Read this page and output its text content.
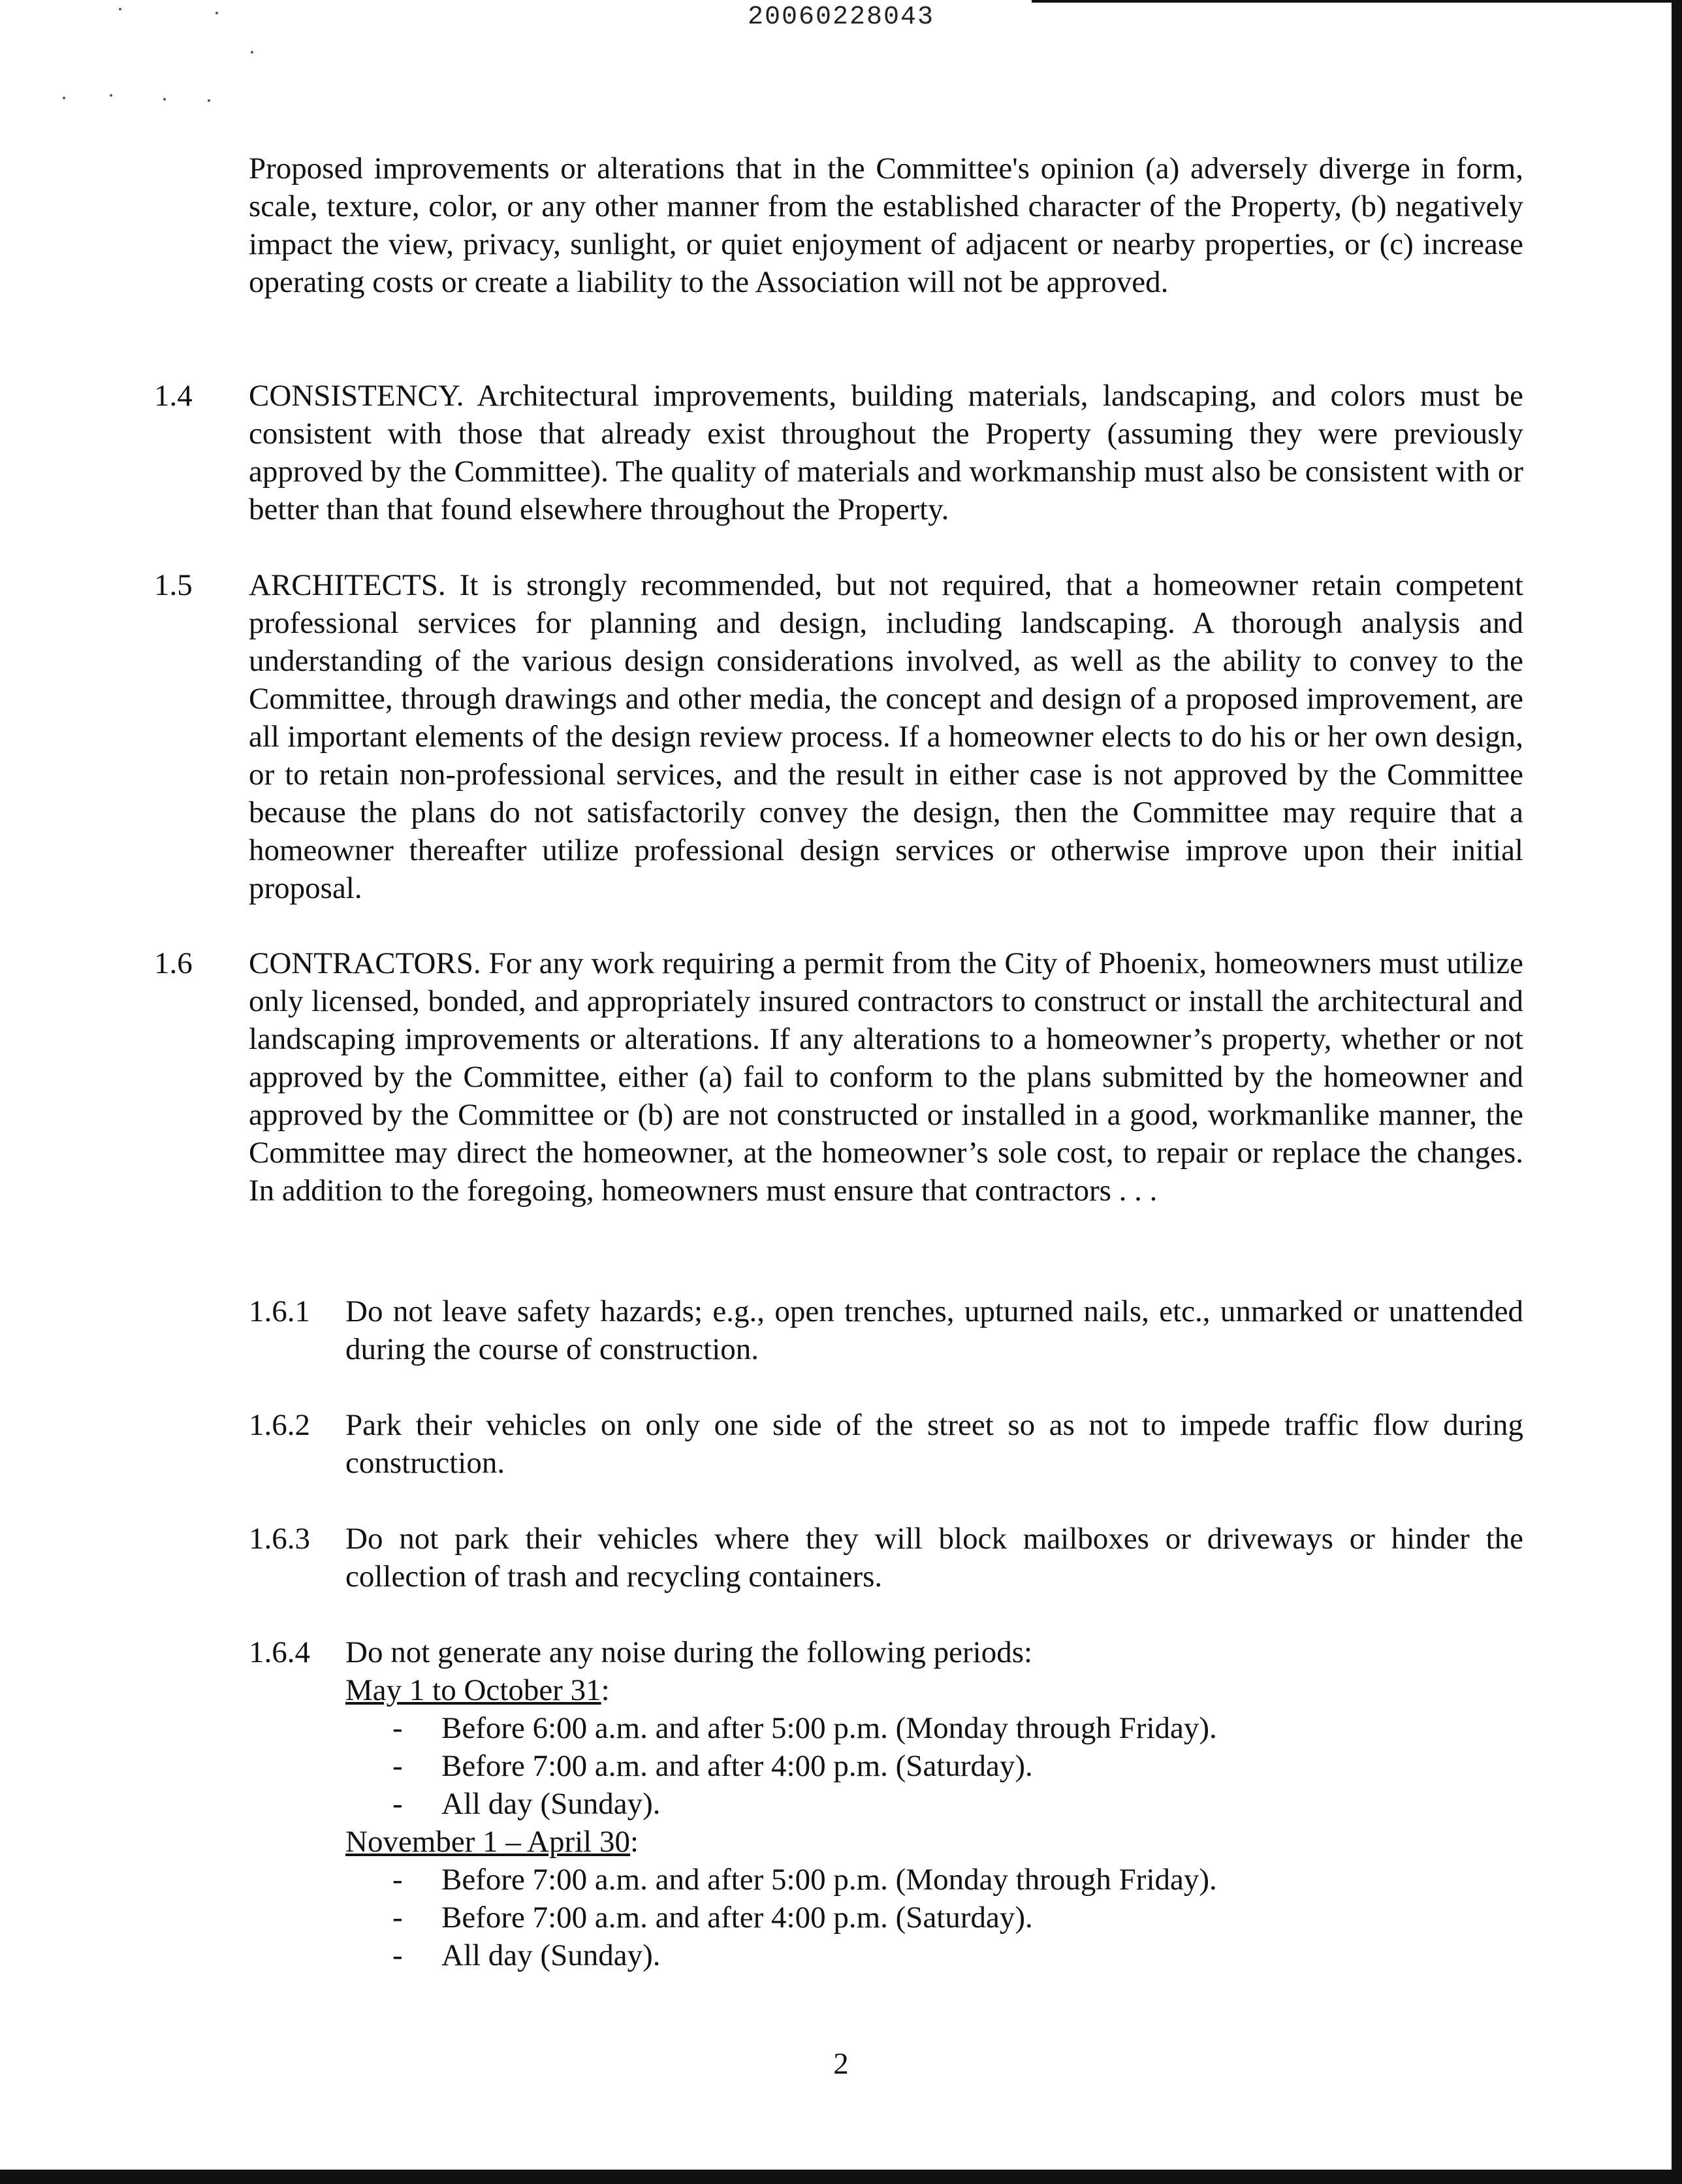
20060228043
Proposed improvements or alterations that in the Committee's opinion (a) adversely diverge in form, scale, texture, color, or any other manner from the established character of the Property, (b) negatively impact the view, privacy, sunlight, or quiet enjoyment of adjacent or nearby properties, or (c) increase operating costs or create a liability to the Association will not be approved.
1.4 CONSISTENCY. Architectural improvements, building materials, landscaping, and colors must be consistent with those that already exist throughout the Property (assuming they were previously approved by the Committee). The quality of materials and workmanship must also be consistent with or better than that found elsewhere throughout the Property.
1.5 ARCHITECTS. It is strongly recommended, but not required, that a homeowner retain competent professional services for planning and design, including landscaping. A thorough analysis and understanding of the various design considerations involved, as well as the ability to convey to the Committee, through drawings and other media, the concept and design of a proposed improvement, are all important elements of the design review process. If a homeowner elects to do his or her own design, or to retain non-professional services, and the result in either case is not approved by the Committee because the plans do not satisfactorily convey the design, then the Committee may require that a homeowner thereafter utilize professional design services or otherwise improve upon their initial proposal.
1.6 CONTRACTORS. For any work requiring a permit from the City of Phoenix, homeowners must utilize only licensed, bonded, and appropriately insured contractors to construct or install the architectural and landscaping improvements or alterations. If any alterations to a homeowner’s property, whether or not approved by the Committee, either (a) fail to conform to the plans submitted by the homeowner and approved by the Committee or (b) are not constructed or installed in a good, workmanlike manner, the Committee may direct the homeowner, at the homeowner’s sole cost, to repair or replace the changes. In addition to the foregoing, homeowners must ensure that contractors . . .
1.6.1 Do not leave safety hazards; e.g., open trenches, upturned nails, etc., unmarked or unattended during the course of construction.
1.6.2 Park their vehicles on only one side of the street so as not to impede traffic flow during construction.
1.6.3 Do not park their vehicles where they will block mailboxes or driveways or hinder the collection of trash and recycling containers.
1.6.4 Do not generate any noise during the following periods:
May 1 to October 31:
- Before 6:00 a.m. and after 5:00 p.m. (Monday through Friday).
- Before 7:00 a.m. and after 4:00 p.m. (Saturday).
- All day (Sunday).
November 1 – April 30:
- Before 7:00 a.m. and after 5:00 p.m. (Monday through Friday).
- Before 7:00 a.m. and after 4:00 p.m. (Saturday).
- All day (Sunday).
2
